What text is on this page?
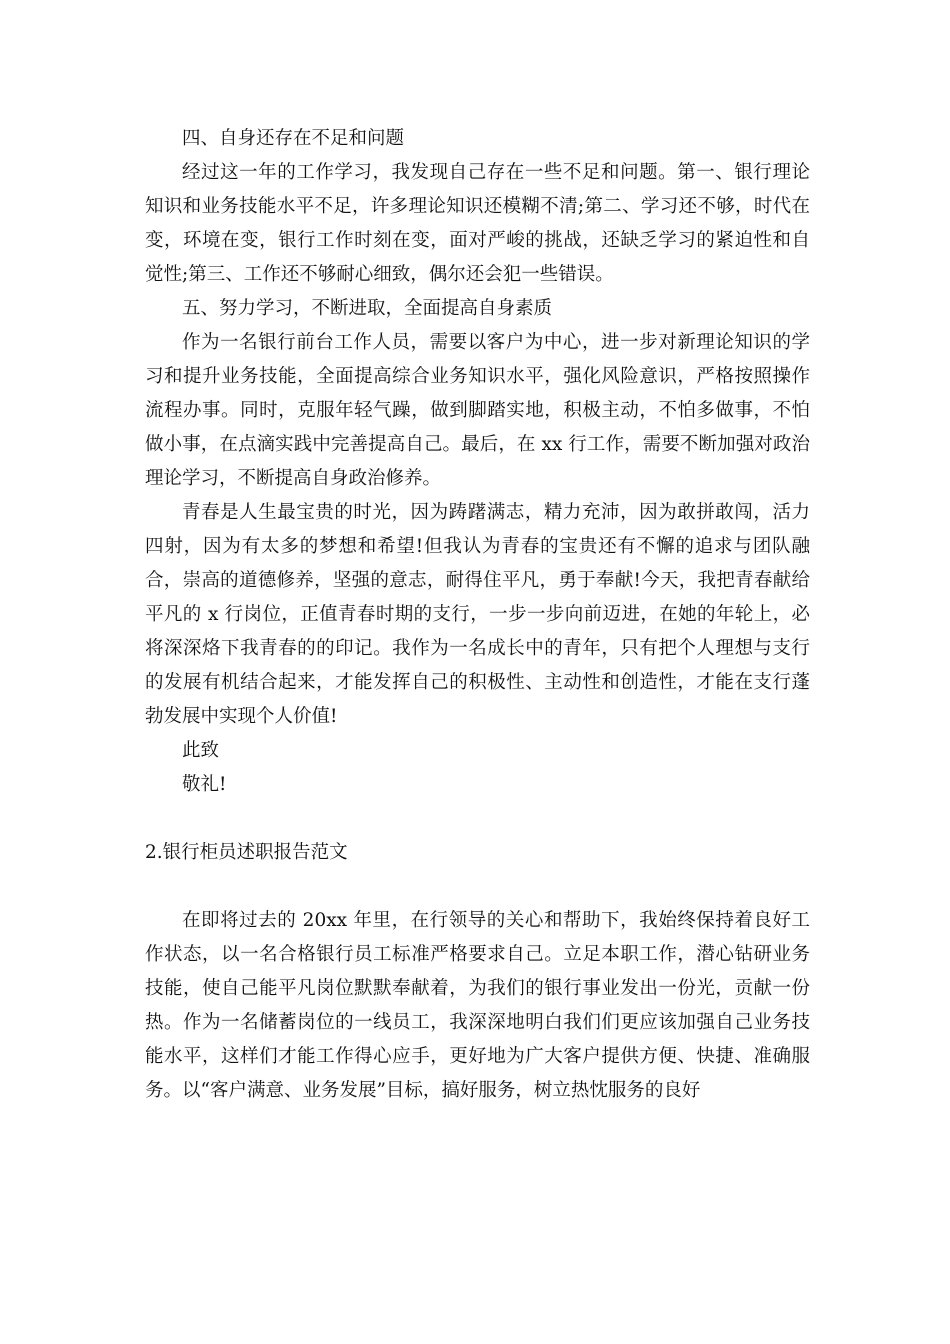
四、自身还存在不足和问题

经过这一年的工作学习，我发现自己存在一些不足和问题。第一、银行理论知识和业务技能水平不足，许多理论知识还模糊不清;第二、学习还不够，时代在变，环境在变，银行工作时刻在变，面对严峻的挑战，还缺乏学习的紧迫性和自觉性;第三、工作还不够耐心细致，偶尔还会犯一些错误。

五、努力学习，不断进取，全面提高自身素质

作为一名银行前台工作人员，需要以客户为中心，进一步对新理论知识的学习和提升业务技能，全面提高综合业务知识水平，强化风险意识，严格按照操作流程办事。同时，克服年轻气躁，做到脚踏实地，积极主动，不怕多做事，不怕做小事，在点滴实践中完善提高自己。最后，在 xx 行工作，需要不断加强对政治理论学习，不断提高自身政治修养。

青春是人生最宝贵的时光，因为踌躇满志，精力充沛，因为敢拼敢闯，活力四射，因为有太多的梦想和希望!但我认为青春的宝贵还有不懈的追求与团队融合，崇高的道德修养，坚强的意志，耐得住平凡，勇于奉献!今天，我把青春献给平凡的 x 行岗位，正值青春时期的支行，一步一步向前迈进，在她的年轮上，必将深深烙下我青春的的印记。我作为一名成长中的青年，只有把个人理想与支行的发展有机结合起来，才能发挥自己的积极性、主动性和创造性，才能在支行蓬勃发展中实现个人价值!

此致

敬礼!

2.银行柜员述职报告范文

在即将过去的 20xx 年里，在行领导的关心和帮助下，我始终保持着良好工作状态，以一名合格银行员工标准严格要求自己。立足本职工作，潜心钻研业务技能，使自己能平凡岗位默默奉献着，为我们的银行事业发出一份光，贡献一份热。作为一名储蓄岗位的一线员工，我深深地明白我们们更应该加强自己业务技能水平，这样们才能工作得心应手，更好地为广大客户提供方便、快捷、准确服务。以“客户满意、业务发展”目标，搞好服务，树立热忱服务的良好
